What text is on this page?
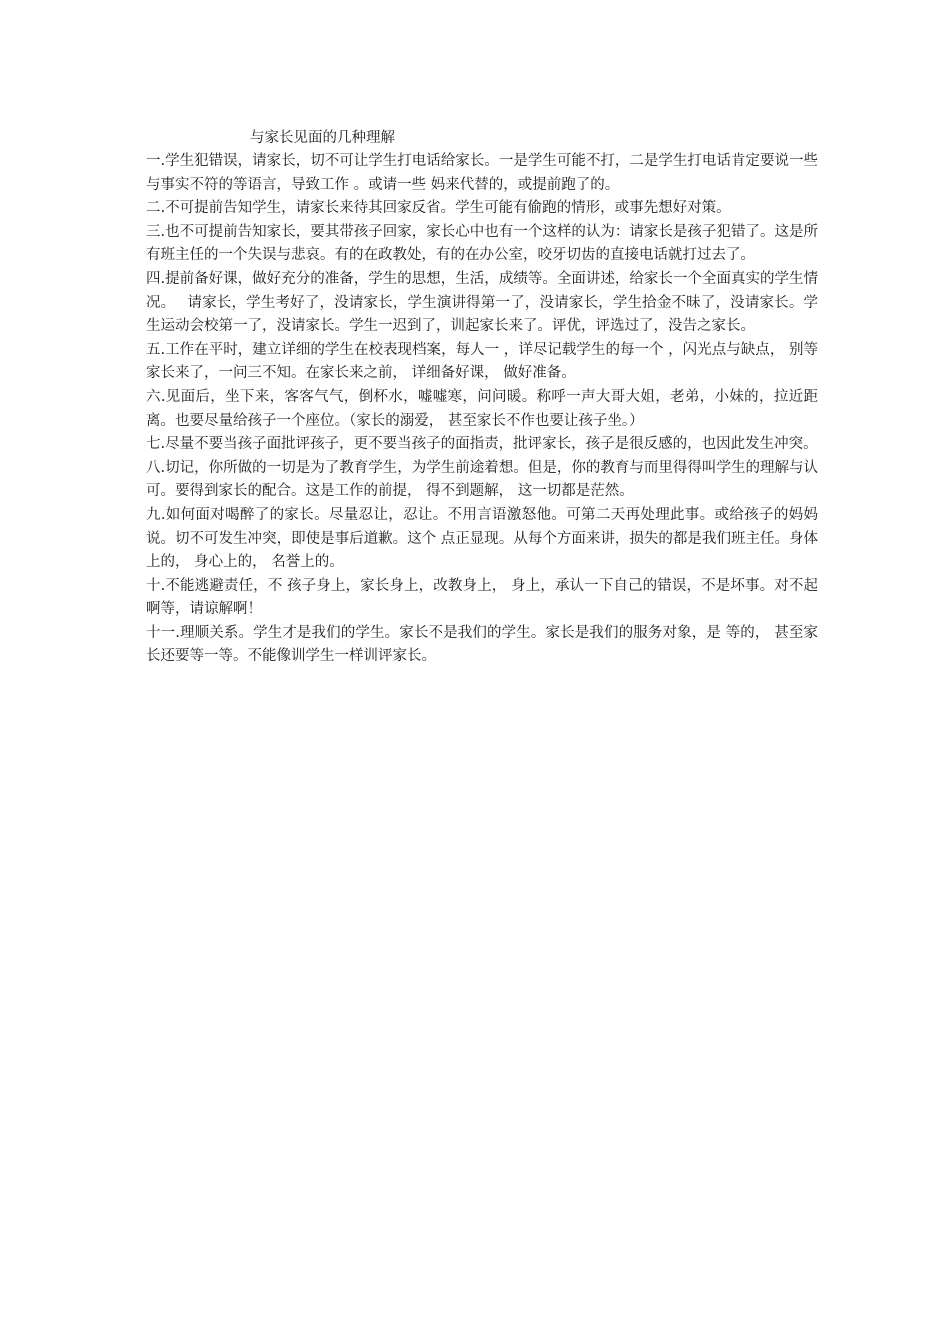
与家长见面的几种理解

一.学生犯错误，请家长，切不可让学生打电话给家长。一是学生可能不打，二是学生打电话肯定要说一些与事实不符的等语言，导致工作 。或请一些 妈来代替的，或提前跑了的。

二.不可提前告知学生，请家长来待其回家反省。学生可能有偷跑的情形，或事先想好对策。

三.也不可提前告知家长，要其带孩子回家，家长心中也有一个这样的认为：请家长是孩子犯错了。这是所有班主任的一个失误与悲哀。有的在政教处，有的在办公室，咬牙切齿的直接电话就打过去了。

四.提前备好课，做好充分的准备，学生的思想，生活，成绩等。全面讲述，给家长一个全面真实的学生情况。　 请家长，学生考好了，没请家长，学生演讲得第一了，没请家长，学生拾金不昧了，没请家长。学生运动会校第一了，没请家长。学生一迟到了，训起家长来了。评优，评选过了，没告之家长。

五.工作在平时，建立详细的学生在校表现档案，每人一 ，详尽记载学生的每一个 ，闪光点与缺点， 别等家长来了，一问三不知。在家长来之前， 详细备好课， 做好准备。

六.见面后，坐下来，客客气气，倒杯水，嘘嘘寒，问问暖。称呼一声大哥大姐，老弟，小妹的，拉近距离。也要尽量给孩子一个座位。（家长的溺爱， 甚至家长不作也要让孩子坐。）

七.尽量不要当孩子面批评孩子，更不要当孩子的面指责，批评家长，孩子是很反感的，也因此发生冲突。

八.切记，你所做的一切是为了教育学生，为学生前途着想。但是，你的教育与而里得得叫学生的理解与认可。要得到家长的配合。这是工作的前提， 得不到题解， 这一切都是茫然。

九.如何面对喝醉了的家长。尽量忍让，忍让。不用言语激怒他。可第二天再处理此事。或给孩子的妈妈说。切不可发生冲突，即使是事后道歉。这个 点正显现。从每个方面来讲，损失的都是我们班主任。身体上的， 身心上的， 名誉上的。

十.不能逃避责任，不 孩子身上，家长身上，改教身上， 身上，承认一下自己的错误，不是坏事。对不起啊等，请谅解啊！

十一.理顺关系。学生才是我们的学生。家长不是我们的学生。家长是我们的服务对象，是 等的， 甚至家长还要等一等。不能像训学生一样训评家长。
